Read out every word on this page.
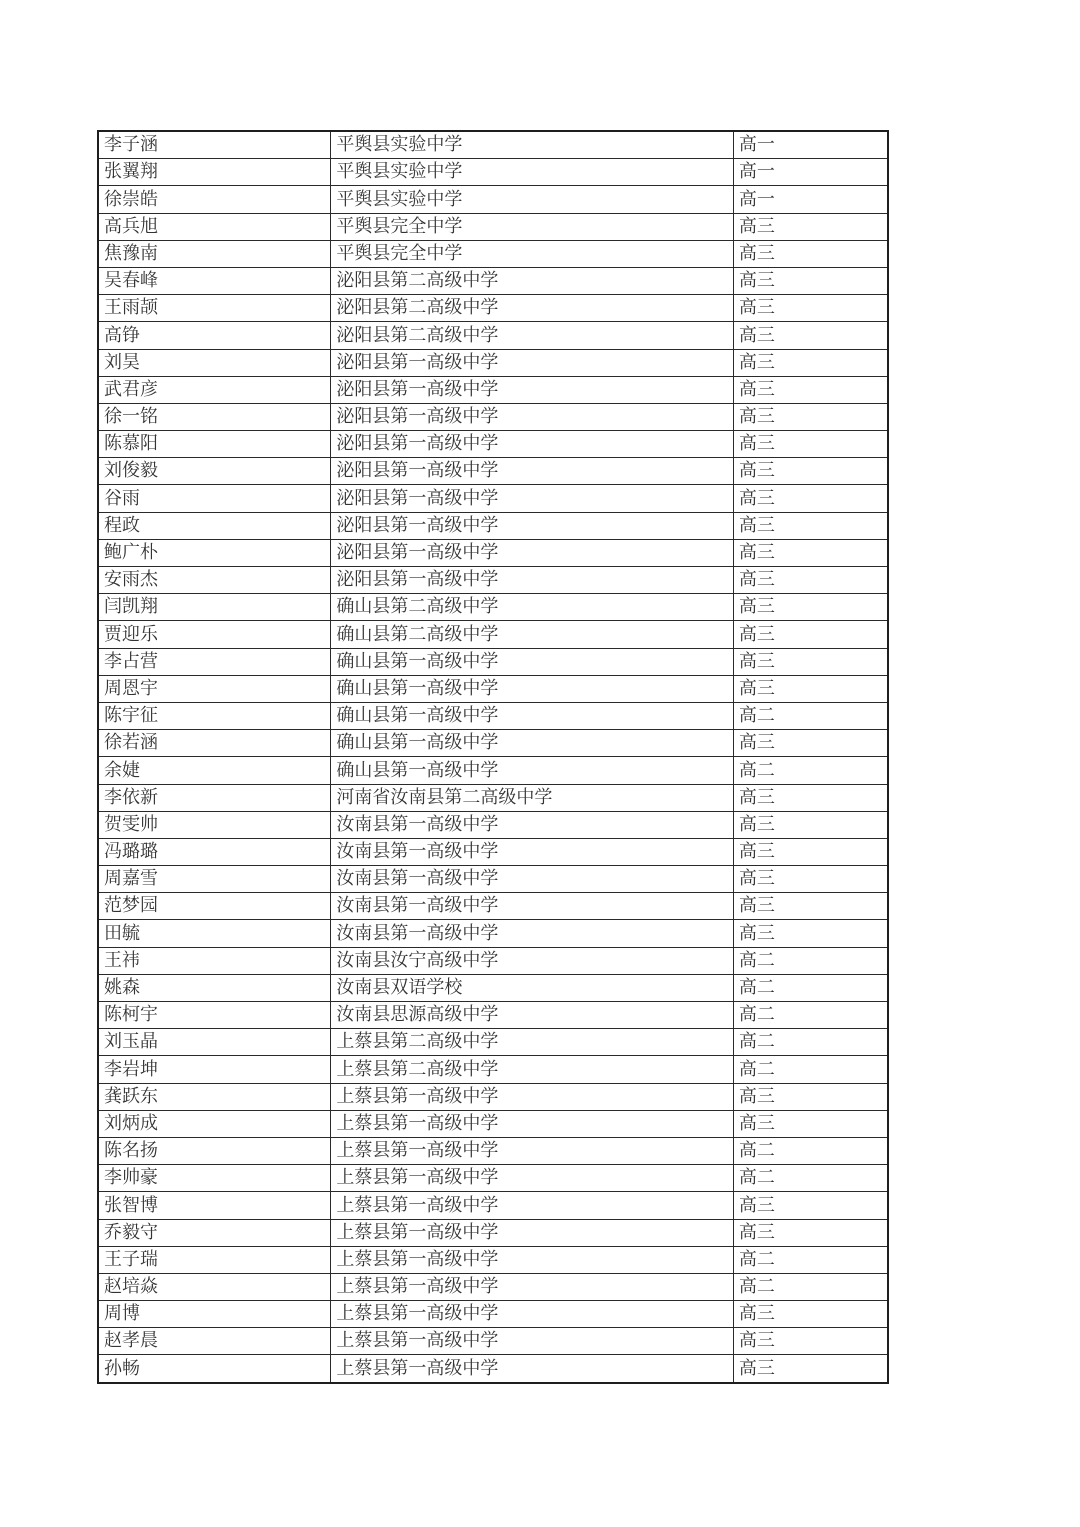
李子涵	平舆县实验中学	高一
张翼翔	平舆县实验中学	高一
徐崇皓	平舆县实验中学	高一
高兵旭	平舆县完全中学	高三
焦豫南	平舆县完全中学	高三
吴春峰	泌阳县第二高级中学	高三
王雨颉	泌阳县第二高级中学	高三
高铮	泌阳县第二高级中学	高三
刘昊	泌阳县第一高级中学	高三
武君彦	泌阳县第一高级中学	高三
徐一铭	泌阳县第一高级中学	高三
陈慕阳	泌阳县第一高级中学	高三
刘俊毅	泌阳县第一高级中学	高三
谷雨	泌阳县第一高级中学	高三
程政	泌阳县第一高级中学	高三
鲍广朴	泌阳县第一高级中学	高三
安雨杰	泌阳县第一高级中学	高三
闫凯翔	确山县第二高级中学	高三
贾迎乐	确山县第二高级中学	高三
李占营	确山县第一高级中学	高三
周恩宇	确山县第一高级中学	高三
陈宇征	确山县第一高级中学	高二
徐若涵	确山县第一高级中学	高三
余婕	确山县第一高级中学	高二
李依新	河南省汝南县第二高级中学	高三
贺雯帅	汝南县第一高级中学	高三
冯璐璐	汝南县第一高级中学	高三
周嘉雪	汝南县第一高级中学	高三
范梦园	汝南县第一高级中学	高三
田毓	汝南县第一高级中学	高三
王祎	汝南县汝宁高级中学	高二
姚森	汝南县双语学校	高二
陈柯宇	汝南县思源高级中学	高二
刘玉晶	上蔡县第二高级中学	高二
李岩坤	上蔡县第二高级中学	高二
龚跃东	上蔡县第一高级中学	高三
刘炳成	上蔡县第一高级中学	高三
陈名扬	上蔡县第一高级中学	高二
李帅豪	上蔡县第一高级中学	高二
张智博	上蔡县第一高级中学	高三
乔毅守	上蔡县第一高级中学	高三
王子瑞	上蔡县第一高级中学	高二
赵培焱	上蔡县第一高级中学	高二
周博	上蔡县第一高级中学	高三
赵孝晨	上蔡县第一高级中学	高三
孙畅	上蔡县第一高级中学	高三
